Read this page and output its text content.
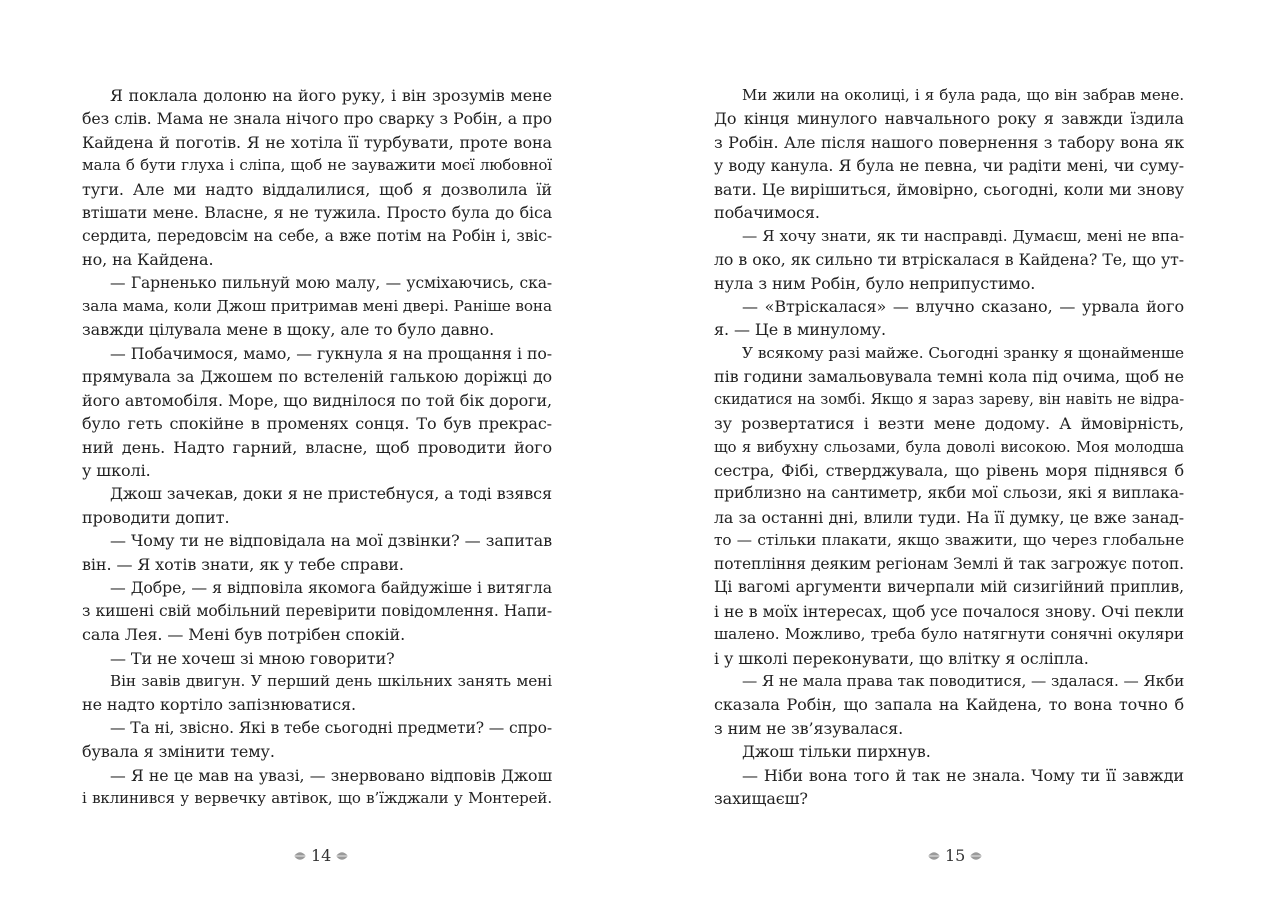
Я поклала долоню на його руку, і він зрозумів мене
без слів. Мама не знала нічого про сварку з Робін, а про
Кайдена й поготів. Я не хотіла її турбувати, проте вона
мала б бути глуха і сліпа, щоб не зауважити моєї любовної
туги. Але ми надто віддалилися, щоб я дозволила їй
втішати мене. Власне, я не тужила. Просто була до біса
сердита, передовсім на себе, а вже потім на Робін і, звіс-
но, на Кайдена.
— Гарненько пильнуй мою малу, — усміхаючись, ска-
зала мама, коли Джош притримав мені двері. Раніше вона
завжди цілувала мене в щоку, але то було давно.
— Побачимося, мамо, — гукнула я на прощання і по-
прямувала за Джошем по встеленій галькою доріжці до
його автомобіля. Море, що виднілося по той бік дороги,
було геть спокійне в променях сонця. То був прекрас-
ний день. Надто гарний, власне, щоб проводити його
у школі.
Джош зачекав, доки я не пристебнуся, а тоді взявся
проводити допит.
— Чому ти не відповідала на мої дзвінки? — запитав
він. — Я хотів знати, як у тебе справи.
— Добре, — я відповіла якомога байдужіше і витягла
з кишені свій мобільний перевірити повідомлення. Напи-
сала Лея. — Мені був потрібен спокій.
— Ти не хочеш зі мною говорити?
Він завів двигун. У перший день шкільних занять мені
не надто кортіло запізнюватися.
— Та ні, звісно. Які в тебе сьогодні предмети? — спро-
бувала я змінити тему.
— Я не це мав на увазі, — знервовано відповів Джош
і вклинився у вервечку автівок, що в’їжджали у Монтерей.
Ми жили на околиці, і я була рада, що він забрав мене.
До кінця минулого навчального року я завжди їздила
з Робін. Але після нашого повернення з табору вона як
у воду канула. Я була не певна, чи радіти мені, чи суму-
вати. Це вирішиться, ймовірно, сьогодні, коли ми знову
побачимося.
— Я хочу знати, як ти насправді. Думаєш, мені не впа-
ло в око, як сильно ти втріскалася в Кайдена? Те, що ут-
нула з ним Робін, було неприпустимо.
— «Втріскалася» — влучно сказано, — урвала його
я. — Це в минулому.
У всякому разі майже. Сьогодні зранку я щонайменше
пів години замальовувала темні кола під очима, щоб не
скидатися на зомбі. Якщо я зараз зареву, він навіть не відра-
зу розвертатися і везти мене додому. А ймовірність,
що я вибухну сльозами, була доволі високою. Моя молодша
сестра, Фібі, стверджувала, що рівень моря піднявся б
приблизно на сантиметр, якби мої сльози, які я виплака-
ла за останні дні, влили туди. На її думку, це вже занад-
то — стільки плакати, якщо зважити, що через глобальне
потепління деяким регіонам Землі й так загрожує потоп.
Ці вагомі аргументи вичерпали мій сизигійний приплив,
і не в моїх інтересах, щоб усе почалося знову. Очі пекли
шалено. Можливо, треба було натягнути сонячні окуляри
і у школі переконувати, що влітку я осліпла.
— Я не мала права так поводитися, — здалася. — Якби
сказала Робін, що запала на Кайдена, то вона точно б
з ним не зв’язувалася.
Джош тільки пирхнув.
— Ніби вона того й так не знала. Чому ти її завжди
захищаєш?
14	15
